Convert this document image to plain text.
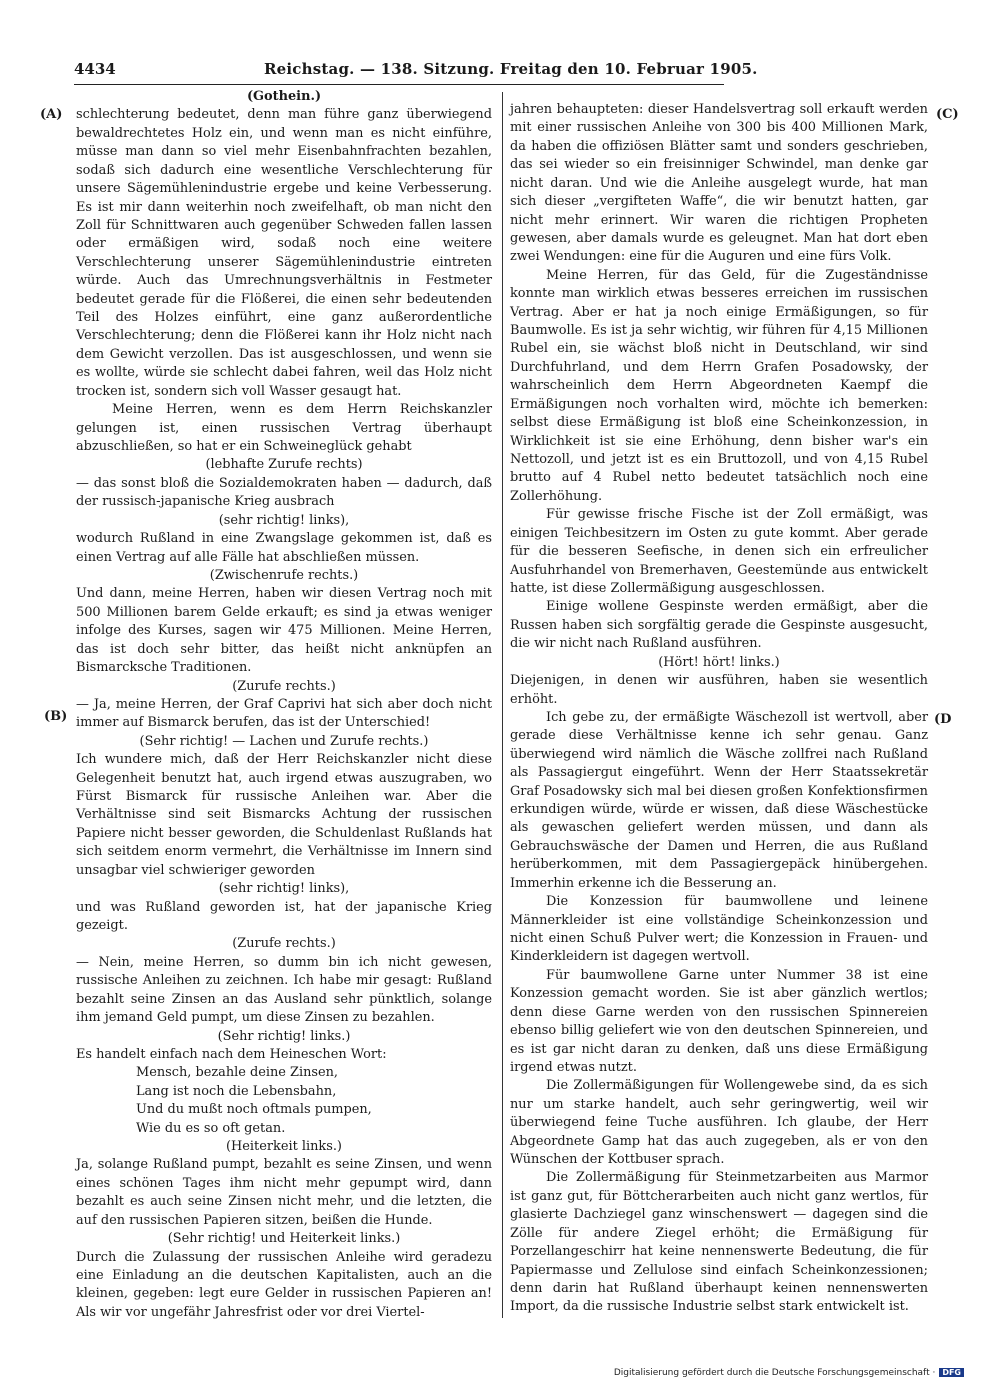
4434	Reichstag. — 138. Sitzung. Freitag den 10. Februar 1905.
(A)
(B)
(C)
(D

(Gothein.)

schlechterung bedeutet, denn man führe ganz überwiegend bewaldrechtetes Holz ein, und wenn man es nicht einführe, müsse man dann so viel mehr Eisenbahnfrachten bezahlen, sodaß sich dadurch eine wesentliche Verschlechterung für unsere Sägemühlenindustrie ergebe und keine Verbesserung. Es ist mir dann weiterhin noch zweifelhaft, ob man nicht den Zoll für Schnittwaren auch gegenüber Schweden fallen lassen oder ermäßigen wird, sodaß noch eine weitere Verschlechterung unserer Sägemühlenindustrie eintreten würde. Auch das Umrechnungsverhältnis in Festmeter bedeutet gerade für die Flößerei, die einen sehr bedeutenden Teil des Holzes einführt, eine ganz außerordentliche Verschlechterung; denn die Flößerei kann ihr Holz nicht nach dem Gewicht verzollen. Das ist ausgeschlossen, und wenn sie es wollte, würde sie schlecht dabei fahren, weil das Holz nicht trocken ist, sondern sich voll Wasser gesaugt hat.

Meine Herren, wenn es dem Herrn Reichskanzler gelungen ist, einen russischen Vertrag überhaupt abzuschließen, so hat er ein Schweineglück gehabt

(lebhafte Zurufe rechts)

— das sonst bloß die Sozialdemokraten haben — dadurch, daß der russisch-japanische Krieg ausbrach

(sehr richtig! links),

wodurch Rußland in eine Zwangslage gekommen ist, daß es einen Vertrag auf alle Fälle hat abschließen müssen.

(Zwischenrufe rechts.)

Und dann, meine Herren, haben wir diesen Vertrag noch mit 500 Millionen barem Gelde erkauft; es sind ja etwas weniger infolge des Kurses, sagen wir 475 Millionen. Meine Herren, das ist doch sehr bitter, das heißt nicht anknüpfen an Bismarcksche Traditionen.

(Zurufe rechts.)

— Ja, meine Herren, der Graf Caprivi hat sich aber doch nicht immer auf Bismarck berufen, das ist der Unterschied!

(Sehr richtig! — Lachen und Zurufe rechts.)

Ich wundere mich, daß der Herr Reichskanzler nicht diese Gelegenheit benutzt hat, auch irgend etwas auszugraben, wo Fürst Bismarck für russische Anleihen war. Aber die Verhältnisse sind seit Bismarcks Achtung der russischen Papiere nicht besser geworden, die Schuldenlast Rußlands hat sich seitdem enorm vermehrt, die Verhältnisse im Innern sind unsagbar viel schwieriger geworden

(sehr richtig! links),

und was Rußland geworden ist, hat der japanische Krieg gezeigt.

(Zurufe rechts.)

— Nein, meine Herren, so dumm bin ich nicht gewesen, russische Anleihen zu zeichnen. Ich habe mir gesagt: Rußland bezahlt seine Zinsen an das Ausland sehr pünktlich, solange ihm jemand Geld pumpt, um diese Zinsen zu bezahlen.

(Sehr richtig! links.)

Es handelt einfach nach dem Heineschen Wort:

Mensch, bezahle deine Zinsen,

Lang ist noch die Lebensbahn,

Und du mußt noch oftmals pumpen,

Wie du es so oft getan.

(Heiterkeit links.)

Ja, solange Rußland pumpt, bezahlt es seine Zinsen, und wenn eines schönen Tages ihm nicht mehr gepumpt wird, dann bezahlt es auch seine Zinsen nicht mehr, und die letzten, die auf den russischen Papieren sitzen, beißen die Hunde.

(Sehr richtig! und Heiterkeit links.)

Durch die Zulassung der russischen Anleihe wird geradezu eine Einladung an die deutschen Kapitalisten, auch an die kleinen, gegeben: legt eure Gelder in russischen Papieren an! Als wir vor ungefähr Jahresfrist oder vor drei Viertel-

jahren behaupteten: dieser Handelsvertrag soll erkauft werden mit einer russischen Anleihe von 300 bis 400 Millionen Mark, da haben die offiziösen Blätter samt und sonders geschrieben, das sei wieder so ein freisinniger Schwindel, man denke gar nicht daran. Und wie die Anleihe ausgelegt wurde, hat man sich dieser „vergifteten Waffe“, die wir benutzt hatten, gar nicht mehr erinnert. Wir waren die richtigen Propheten gewesen, aber damals wurde es geleugnet. Man hat dort eben zwei Wendungen: eine für die Auguren und eine fürs Volk.

Meine Herren, für das Geld, für die Zugeständnisse konnte man wirklich etwas besseres erreichen im russischen Vertrag. Aber er hat ja noch einige Ermäßigungen, so für Baumwolle. Es ist ja sehr wichtig, wir führen für 4,15 Millionen Rubel ein, sie wächst bloß nicht in Deutschland, wir sind Durchfuhrland, und dem Herrn Grafen Posadowsky, der wahrscheinlich dem Herrn Abgeordneten Kaempf die Ermäßigungen noch vorhalten wird, möchte ich bemerken: selbst diese Ermäßigung ist bloß eine Scheinkonzession, in Wirklichkeit ist sie eine Erhöhung, denn bisher war's ein Nettozoll, und jetzt ist es ein Bruttozoll, und von 4,15 Rubel brutto auf 4 Rubel netto bedeutet tatsächlich noch eine Zollerhöhung.

Für gewisse frische Fische ist der Zoll ermäßigt, was einigen Teichbesitzern im Osten zu gute kommt. Aber gerade für die besseren Seefische, in denen sich ein erfreulicher Ausfuhrhandel von Bremerhaven, Geestemünde aus entwickelt hatte, ist diese Zollermäßigung ausgeschlossen.

Einige wollene Gespinste werden ermäßigt, aber die Russen haben sich sorgfältig gerade die Gespinste ausgesucht, die wir nicht nach Rußland ausführen.

(Hört! hört! links.)

Diejenigen, in denen wir ausführen, haben sie wesentlich erhöht.

Ich gebe zu, der ermäßigte Wäschezoll ist wertvoll, aber gerade diese Verhältnisse kenne ich sehr genau. Ganz überwiegend wird nämlich die Wäsche zollfrei nach Rußland als Passagiergut eingeführt. Wenn der Herr Staatssekretär Graf Posadowsky sich mal bei diesen großen Konfektionsfirmen erkundigen würde, würde er wissen, daß diese Wäschestücke als gewaschen geliefert werden müssen, und dann als Gebrauchswäsche der Damen und Herren, die aus Rußland herüberkommen, mit dem Passagiergepäck hinübergehen. Immerhin erkenne ich die Besserung an.

Die Konzession für baumwollene und leinene Männerkleider ist eine vollständige Scheinkonzession und nicht einen Schuß Pulver wert; die Konzession in Frauen- und Kinderkleidern ist dagegen wertvoll.

Für baumwollene Garne unter Nummer 38 ist eine Konzession gemacht worden. Sie ist aber gänzlich wertlos; denn diese Garne werden von den russischen Spinnereien ebenso billig geliefert wie von den deutschen Spinnereien, und es ist gar nicht daran zu denken, daß uns diese Ermäßigung irgend etwas nutzt.

Die Zollermäßigungen für Wollengewebe sind, da es sich nur um starke handelt, auch sehr geringwertig, weil wir überwiegend feine Tuche ausführen. Ich glaube, der Herr Abgeordnete Gamp hat das auch zugegeben, als er von den Wünschen der Kottbuser sprach.

Die Zollermäßigung für Steinmetzarbeiten aus Marmor ist ganz gut, für Böttcherarbeiten auch nicht ganz wertlos, für glasierte Dachziegel ganz winschenswert — dagegen sind die Zölle für andere Ziegel erhöht; die Ermäßigung für Porzellangeschirr hat keine nennenswerte Bedeutung, die für Papiermasse und Zellulose sind einfach Scheinkonzessionen; denn darin hat Rußland überhaupt keinen nennenswerten Import, da die russische Industrie selbst stark entwickelt ist.

Digitalisierung gefördert durch die Deutsche Forschungsgemeinschaft · DFG
